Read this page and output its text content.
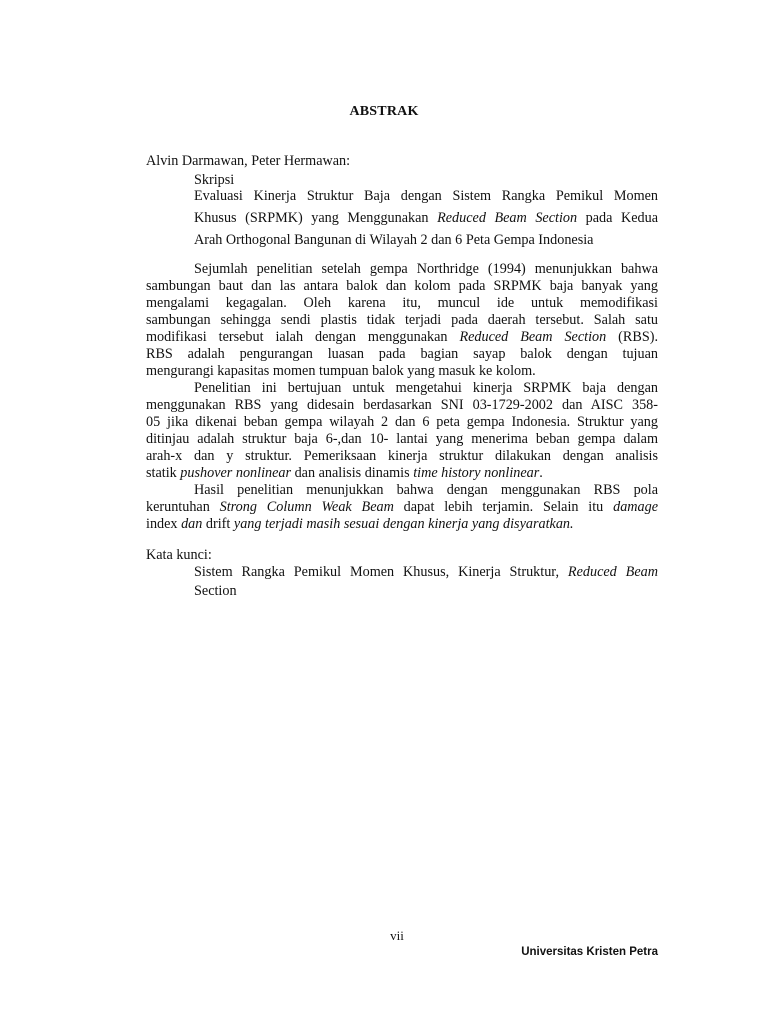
ABSTRAK
Alvin Darmawan, Peter Hermawan:
Skripsi
Evaluasi Kinerja Struktur Baja dengan Sistem Rangka Pemikul Momen
Khusus (SRPMK) yang Menggunakan Reduced Beam Section pada Kedua
Arah Orthogonal Bangunan di Wilayah 2 dan 6 Peta Gempa Indonesia
Sejumlah penelitian setelah gempa Northridge (1994) menunjukkan bahwa
sambungan baut dan las antara balok dan kolom pada SRPMK baja banyak yang
mengalami kegagalan. Oleh karena itu, muncul ide untuk memodifikasi
sambungan sehingga sendi plastis tidak terjadi pada daerah tersebut. Salah satu
modifikasi tersebut ialah dengan menggunakan Reduced Beam Section (RBS).
RBS adalah pengurangan luasan pada bagian sayap balok dengan tujuan
mengurangi kapasitas momen tumpuan balok yang masuk ke kolom.
Penelitian ini bertujuan untuk mengetahui kinerja SRPMK baja dengan
menggunakan RBS yang didesain berdasarkan SNI 03-1729-2002 dan AISC 358-
05 jika dikenai beban gempa wilayah 2 dan 6 peta gempa Indonesia. Struktur yang
ditinjau adalah struktur baja 6-,dan 10- lantai yang menerima beban gempa dalam
arah-x dan y struktur. Pemeriksaan kinerja struktur dilakukan dengan analisis
statik pushover nonlinear dan analisis dinamis time history nonlinear.
Hasil penelitian menunjukkan bahwa dengan menggunakan RBS pola
keruntuhan Strong Column Weak Beam dapat lebih terjamin. Selain itu damage
index dan drift yang terjadi masih sesuai dengan kinerja yang disyaratkan.
Kata kunci:
Sistem Rangka Pemikul Momen Khusus, Kinerja Struktur, Reduced Beam
Section
vii
Universitas Kristen Petra
